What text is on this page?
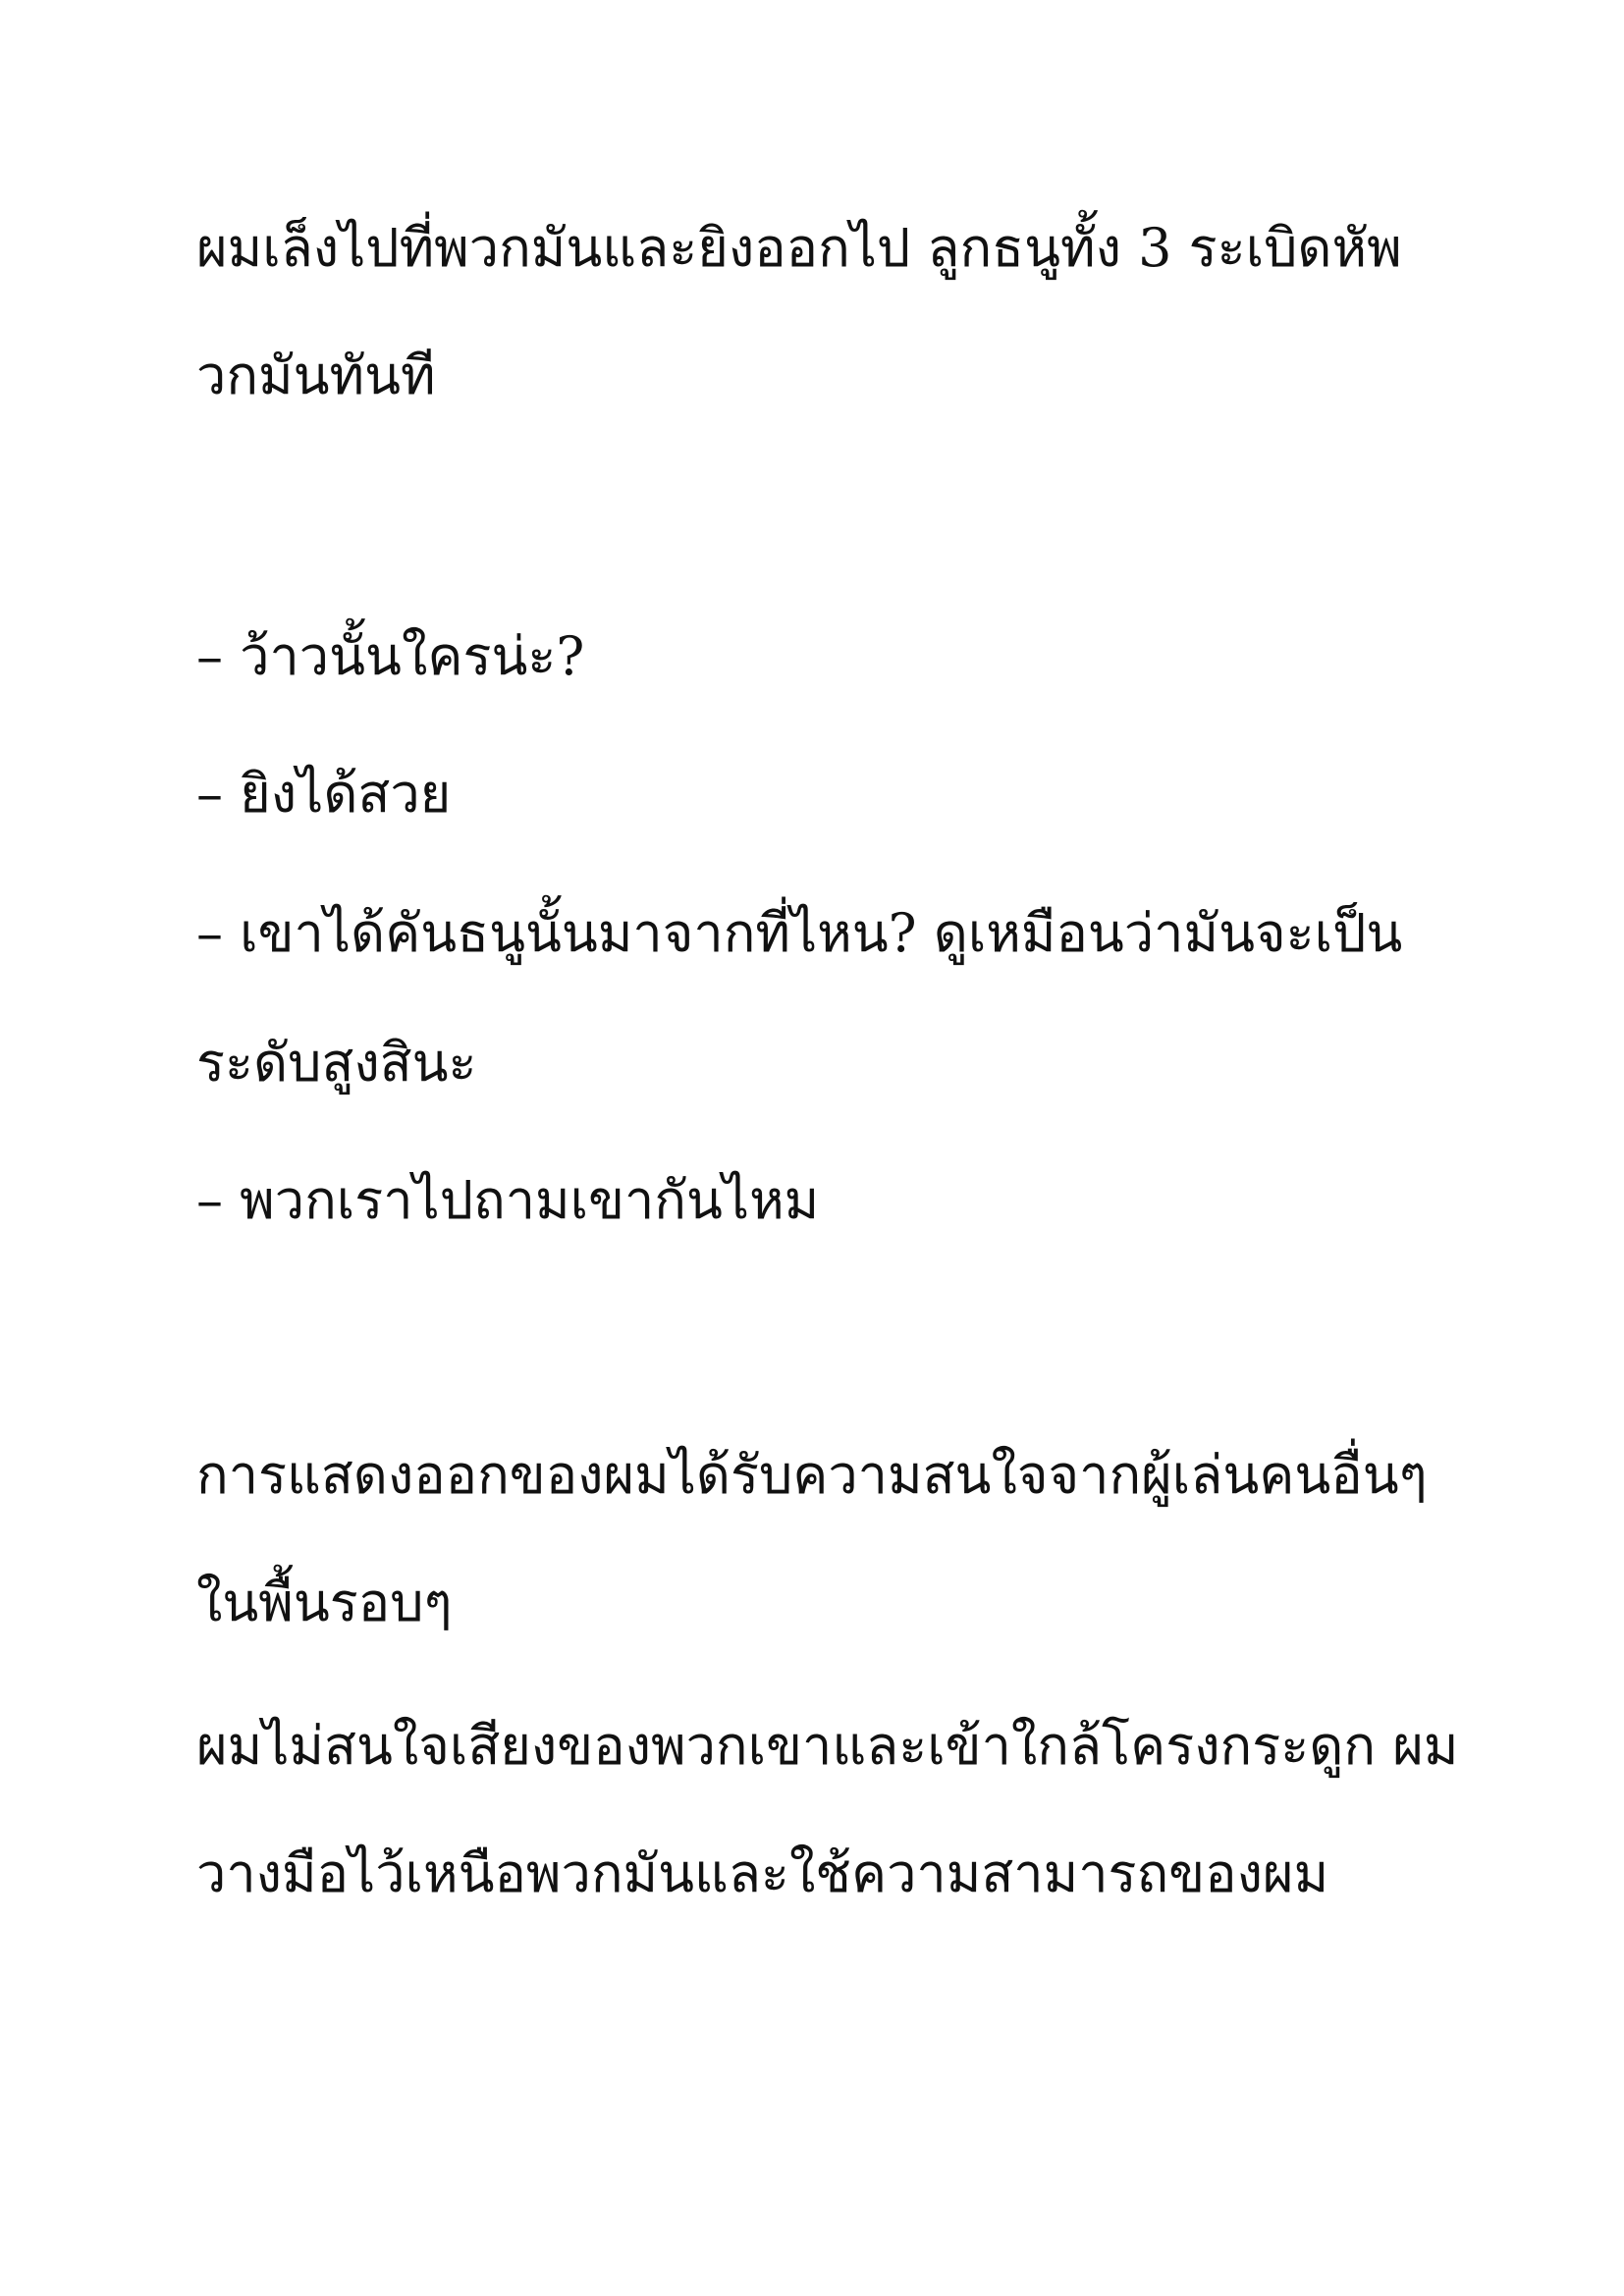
ผมเล็งไปที่พวกมันและยิงออกไป ลูกธนูทั้ง 3 ระเบิดหัพ

วกมันทันที

– ว้าวนั้นใครน่ะ?

– ยิงได้สวย

– เขาได้คันธนูนั้นมาจากที่ไหน? ดูเหมือนว่ามันจะเป็น

ระดับสูงสินะ

– พวกเราไปถามเขากันไหม

การแสดงออกของผมได้รับความสนใจจากผู้เล่นคนอื่นๆ

ในพื้นรอบๆ

ผมไม่สนใจเสียงของพวกเขาและเข้าใกล้โครงกระดูก ผม

วางมือไว้เหนือพวกมันและใช้ความสามารถของผม
